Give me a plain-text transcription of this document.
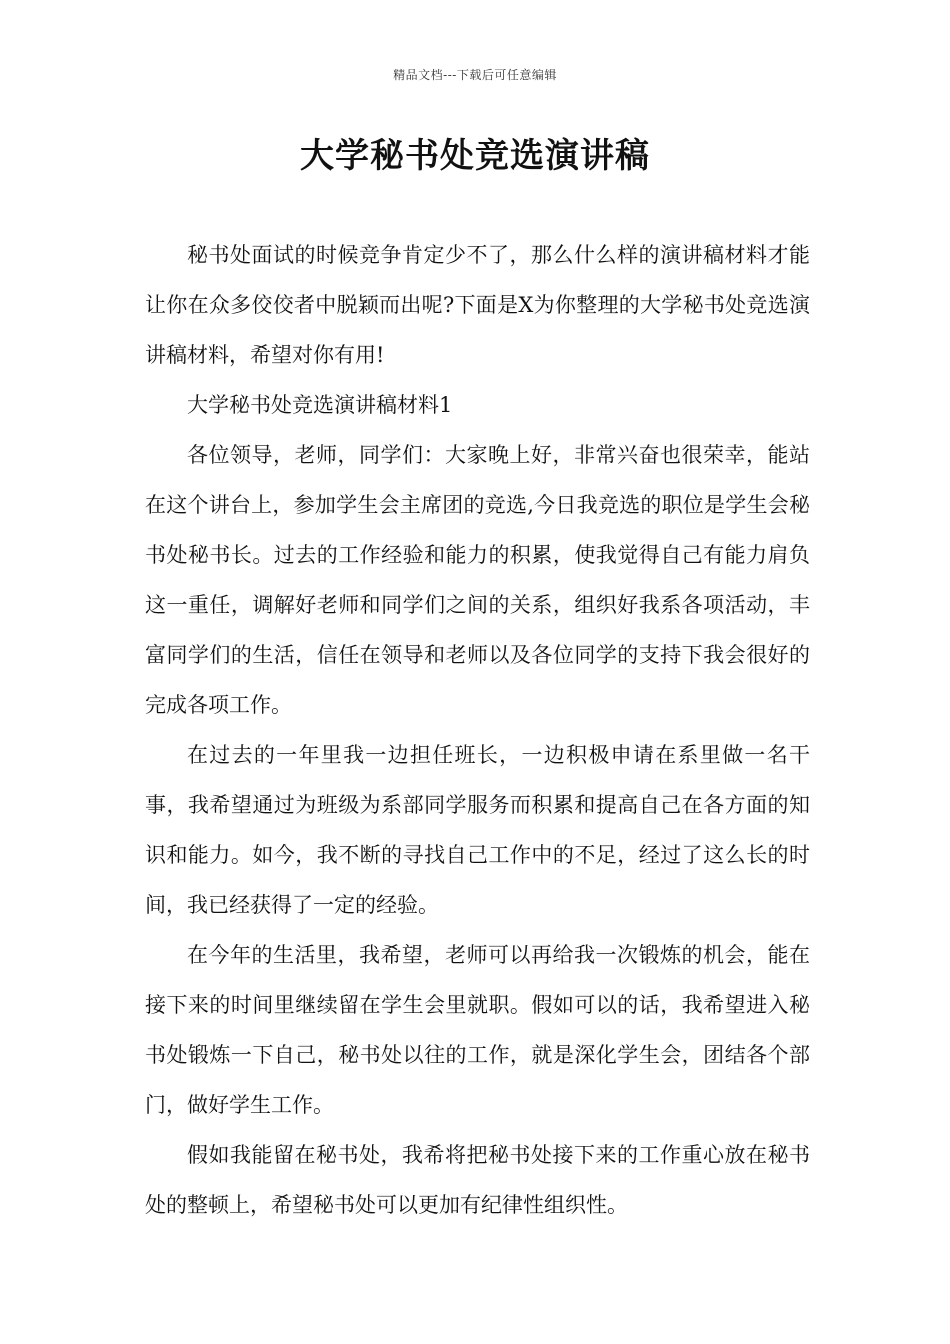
精品文档---下载后可任意编辑
大学秘书处竞选演讲稿

秘书处面试的时候竞争肯定少不了，那么什么样的演讲稿材料才能让你在众多佼佼者中脱颖而出呢?下面是X为你整理的大学秘书处竞选演讲稿材料，希望对你有用!

大学秘书处竞选演讲稿材料1

各位领导，老师，同学们：大家晚上好，非常兴奋也很荣幸，能站在这个讲台上，参加学生会主席团的竞选,今日我竞选的职位是学生会秘书处秘书长。过去的工作经验和能力的积累，使我觉得自己有能力肩负这一重任，调解好老师和同学们之间的关系，组织好我系各项活动，丰富同学们的生活，信任在领导和老师以及各位同学的支持下我会很好的完成各项工作。

在过去的一年里我一边担任班长，一边积极申请在系里做一名干事，我希望通过为班级为系部同学服务而积累和提高自己在各方面的知识和能力。如今，我不断的寻找自己工作中的不足，经过了这么长的时间，我已经获得了一定的经验。

在今年的生活里，我希望，老师可以再给我一次锻炼的机会，能在接下来的时间里继续留在学生会里就职。假如可以的话，我希望进入秘书处锻炼一下自己，秘书处以往的工作，就是深化学生会，团结各个部门，做好学生工作。

假如我能留在秘书处，我希将把秘书处接下来的工作重心放在秘书处的整顿上，希望秘书处可以更加有纪律性组织性。
